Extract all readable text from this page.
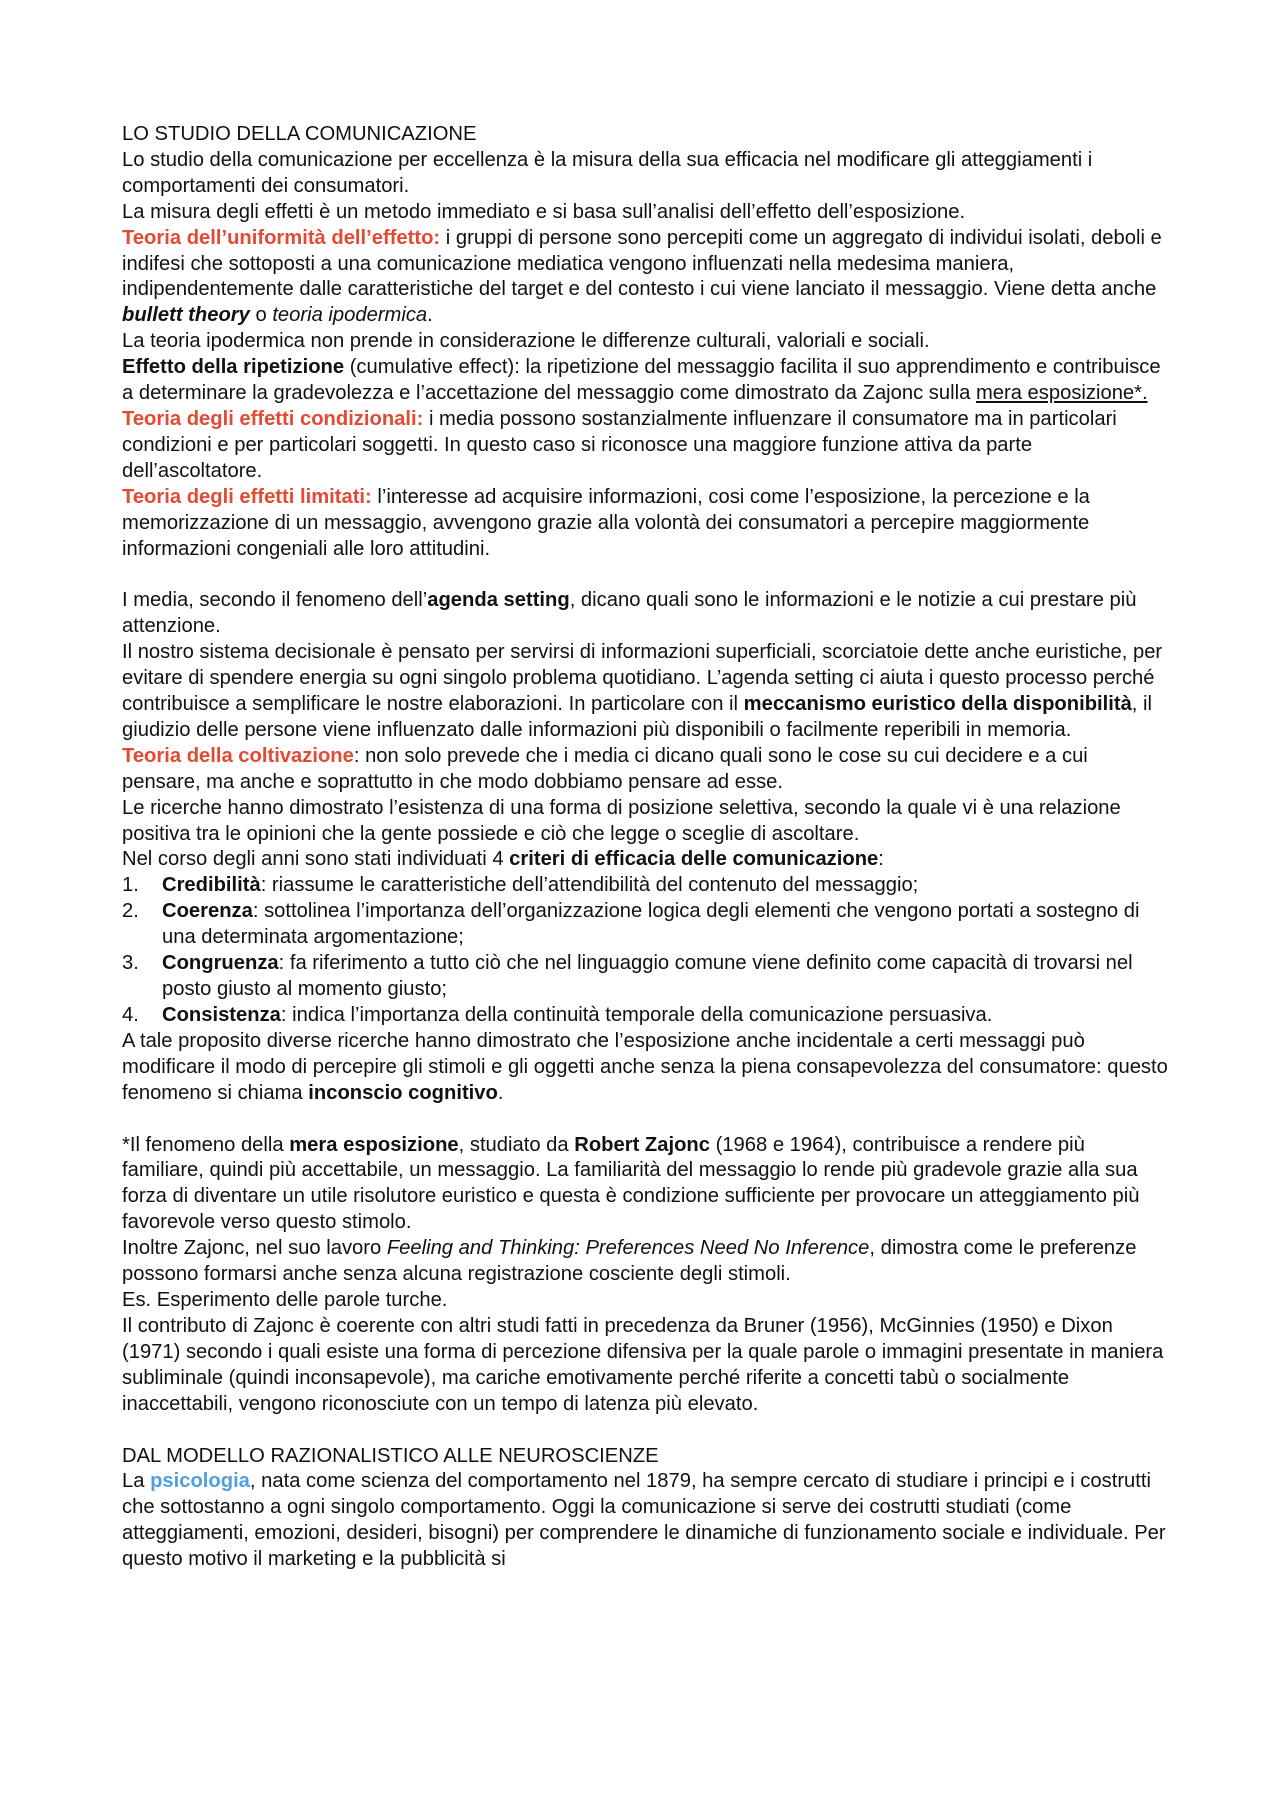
LO STUDIO DELLA COMUNICAZIONE

Lo studio della comunicazione per eccellenza è la misura della sua efficacia nel modificare gli atteggiamenti i comportamenti dei consumatori.

La misura degli effetti è un metodo immediato e si basa sull’analisi dell’effetto dell’esposizione.

Teoria dell’uniformità dell’effetto: i gruppi di persone sono percepiti come un aggregato di individui isolati, deboli e indifesi che sottoposti a una comunicazione mediatica vengono influenzati nella medesima maniera, indipendentemente dalle caratteristiche del target e del contesto i cui viene lanciato il messaggio. Viene detta anche bullett theory o teoria ipodermica.

La teoria ipodermica non prende in considerazione le differenze culturali, valoriali e sociali.

Effetto della ripetizione (cumulative effect): la ripetizione del messaggio facilita il suo apprendimento e contribuisce a determinare la gradevolezza e l’accettazione del messaggio come dimostrato da Zajonc sulla mera esposizione*.

Teoria degli effetti condizionali: i media possono sostanzialmente influenzare il consumatore ma in particolari condizioni e per particolari soggetti. In questo caso si riconosce una maggiore funzione attiva da parte dell’ascoltatore.

Teoria degli effetti limitati: l’interesse ad acquisire informazioni, cosi come l’esposizione, la percezione e la memorizzazione di un messaggio, avvengono grazie alla volontà dei consumatori a percepire maggiormente informazioni congeniali alle loro attitudini.

I media, secondo il fenomeno dell’agenda setting, dicano quali sono le informazioni e le notizie a cui prestare più attenzione.

Il nostro sistema decisionale è pensato per servirsi di informazioni superficiali, scorciatoie dette anche euristiche, per evitare di spendere energia su ogni singolo problema quotidiano. L’agenda setting ci aiuta i questo processo perché contribuisce a semplificare le nostre elaborazioni. In particolare con il meccanismo euristico della disponibilità, il giudizio delle persone viene influenzato dalle informazioni più disponibili o facilmente reperibili in memoria.

Teoria della coltivazione: non solo prevede che i media ci dicano quali sono le cose su cui decidere e a cui pensare, ma anche e soprattutto in che modo dobbiamo pensare ad esse.

Le ricerche hanno dimostrato l’esistenza di una forma di posizione selettiva, secondo la quale vi è una relazione positiva tra le opinioni che la gente possiede e ciò che legge o sceglie di ascoltare.

Nel corso degli anni sono stati individuati 4 criteri di efficacia delle comunicazione:

1. Credibilità: riassume le caratteristiche dell’attendibilità del contenuto del messaggio;
2. Coerenza: sottolinea l’importanza dell’organizzazione logica degli elementi che vengono portati a sostegno di una determinata argomentazione;
3. Congruenza: fa riferimento a tutto ciò che nel linguaggio comune viene definito come capacità di trovarsi nel posto giusto al momento giusto;
4. Consistenza: indica l’importanza della continuità temporale della comunicazione persuasiva.

A tale proposito diverse ricerche hanno dimostrato che l’esposizione anche incidentale a certi messaggi può modificare il modo di percepire gli stimoli e gli oggetti anche senza la piena consapevolezza del consumatore: questo fenomeno si chiama inconscio cognitivo.

*Il fenomeno della mera esposizione, studiato da Robert Zajonc (1968 e 1964), contribuisce a rendere più familiare, quindi più accettabile, un messaggio. La familiarità del messaggio lo rende più gradevole grazie alla sua forza di diventare un utile risolutore euristico e questa è condizione sufficiente per provocare un atteggiamento più favorevole verso questo stimolo.

Inoltre Zajonc, nel suo lavoro Feeling and Thinking: Preferences Need No Inference, dimostra come le preferenze possono formarsi anche senza alcuna registrazione cosciente degli stimoli.

Es. Esperimento delle parole turche.

Il contributo di Zajonc è coerente con altri studi fatti in precedenza da Bruner (1956), McGinnies (1950) e Dixon (1971) secondo i quali esiste una forma di percezione difensiva per la quale parole o immagini presentate in maniera subliminale (quindi inconsapevole), ma cariche emotivamente perché riferite a concetti tabù o socialmente inaccettabili, vengono riconosciute con un tempo di latenza più elevato.

DAL MODELLO RAZIONALISTICO ALLE NEUROSCIENZE

La psicologia, nata come scienza del comportamento nel 1879, ha sempre cercato di studiare i principi e i costrutti che sottostanno a ogni singolo comportamento. Oggi la comunicazione si serve dei costrutti studiati (come atteggiamenti, emozioni, desideri, bisogni) per comprendere le dinamiche di funzionamento sociale e individuale. Per questo motivo il marketing e la pubblicità si
